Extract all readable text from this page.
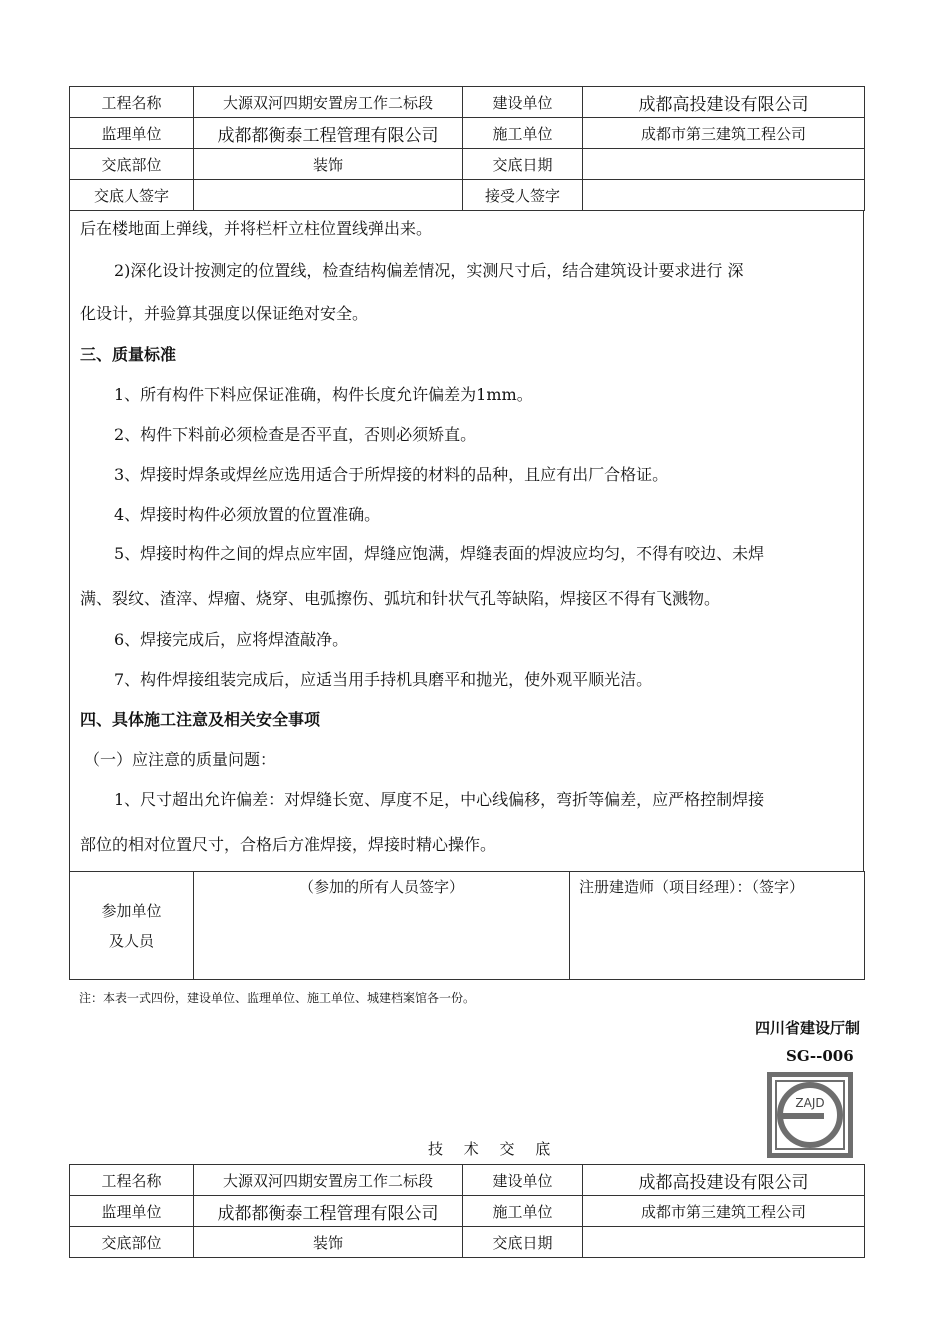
工程名称	大源双河四期安置房工作二标段	建设单位	成都高投建设有限公司
监理单位	成都都衡泰工程管理有限公司	施工单位	成都市第三建筑工程公司
交底部位	装饰	交底日期	
交底人签字		接受人签字	
后在楼地面上弹线，并将栏杆立柱位置线弹出来。
2)深化设计按测定的位置线，检查结构偏差情况，实测尺寸后，结合建筑设计要求进行 深
化设计，并验算其强度以保证绝对安全。
三、质量标准
1、所有构件下料应保证准确，构件长度允许偏差为1mm。
2、构件下料前必须检查是否平直，否则必须矫直。
3、焊接时焊条或焊丝应选用适合于所焊接的材料的品种，且应有出厂合格证。
4、焊接时构件必须放置的位置准确。
5、焊接时构件之间的焊点应牢固，焊缝应饱满，焊缝表面的焊波应均匀，不得有咬边、未焊
满、裂纹、渣滓、焊瘤、烧穿、电弧擦伤、弧坑和针状气孔等缺陷，焊接区不得有飞溅物。
6、焊接完成后，应将焊渣敲净。
7、构件焊接组装完成后，应适当用手持机具磨平和抛光，使外观平顺光洁。
四、具体施工注意及相关安全事项
（一）应注意的质量问题：
1、尺寸超出允许偏差：对焊缝长宽、厚度不足，中心线偏移，弯折等偏差，应严格控制焊接
部位的相对位置尺寸，合格后方准焊接，焊接时精心操作。
参加单位
及人员
	（参加的所有人员签字）	注册建造师（项目经理）：（签字）
注：本表一式四份，建设单位、监理单位、施工单位、城建档案馆各一份。
四川省建设厅制
SG--006
ZAJD
技 术 交 底
工程名称	大源双河四期安置房工作二标段	建设单位	成都高投建设有限公司
监理单位	成都都衡泰工程管理有限公司	施工单位	成都市第三建筑工程公司
交底部位	装饰	交底日期	
